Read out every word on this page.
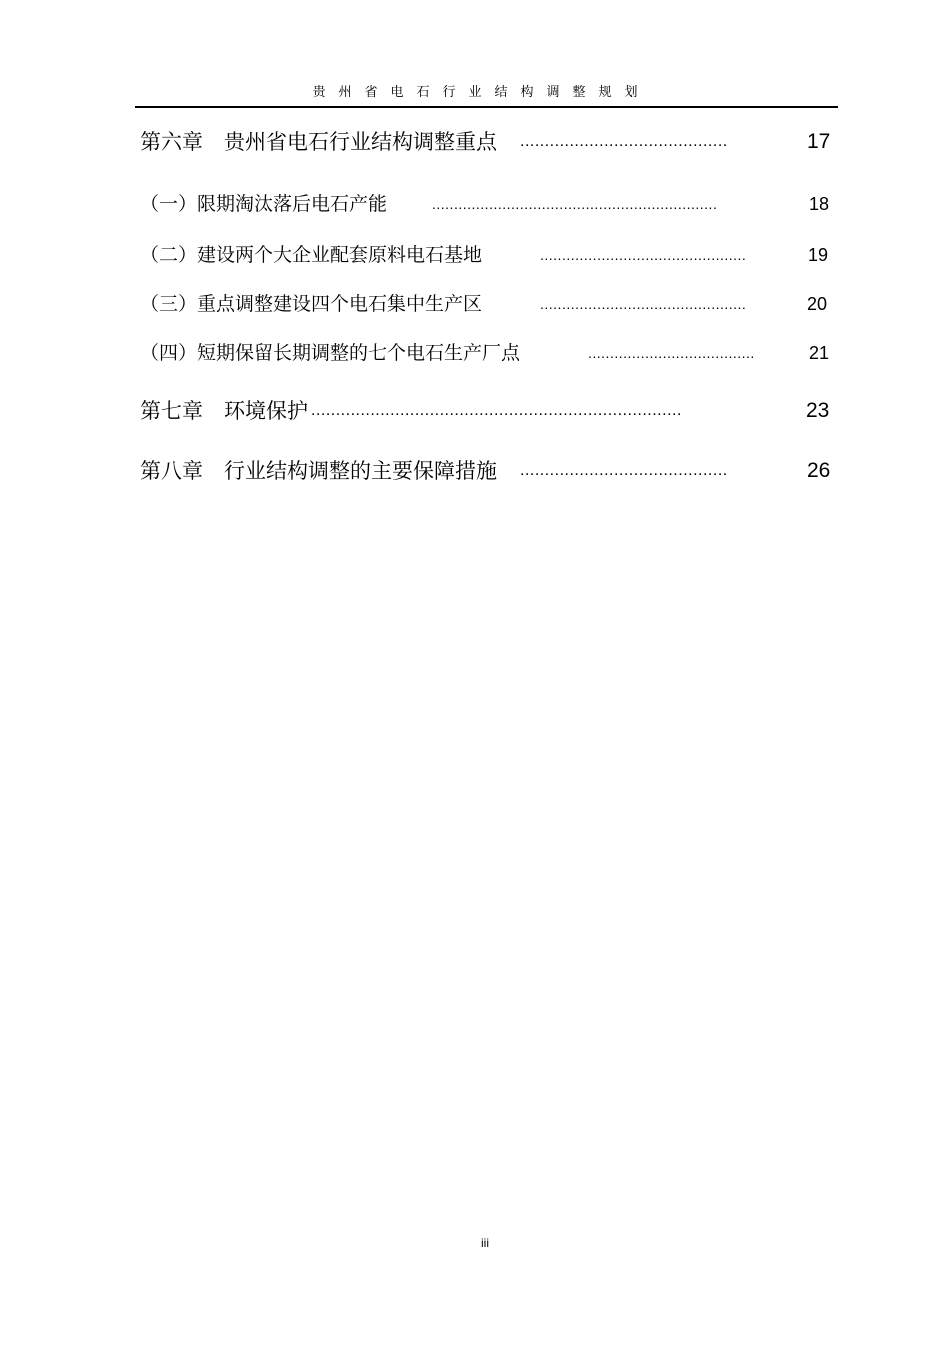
贵州省电石行业结构调整规划
第六章　贵州省电石行业结构调整重点 ..........................................	17
（一）限期淘汰落后电石产能	.................................................................	18
（二）建设两个大企业配套原料电石基地	...............................................	19
（三）重点调整建设四个电石集中生产区	...............................................	20
（四）短期保留长期调整的七个电石生产厂点	......................................	21
第七章　环境保护 ...........................................................................	23
第八章　行业结构调整的主要保障措施 ..........................................	26
iii
